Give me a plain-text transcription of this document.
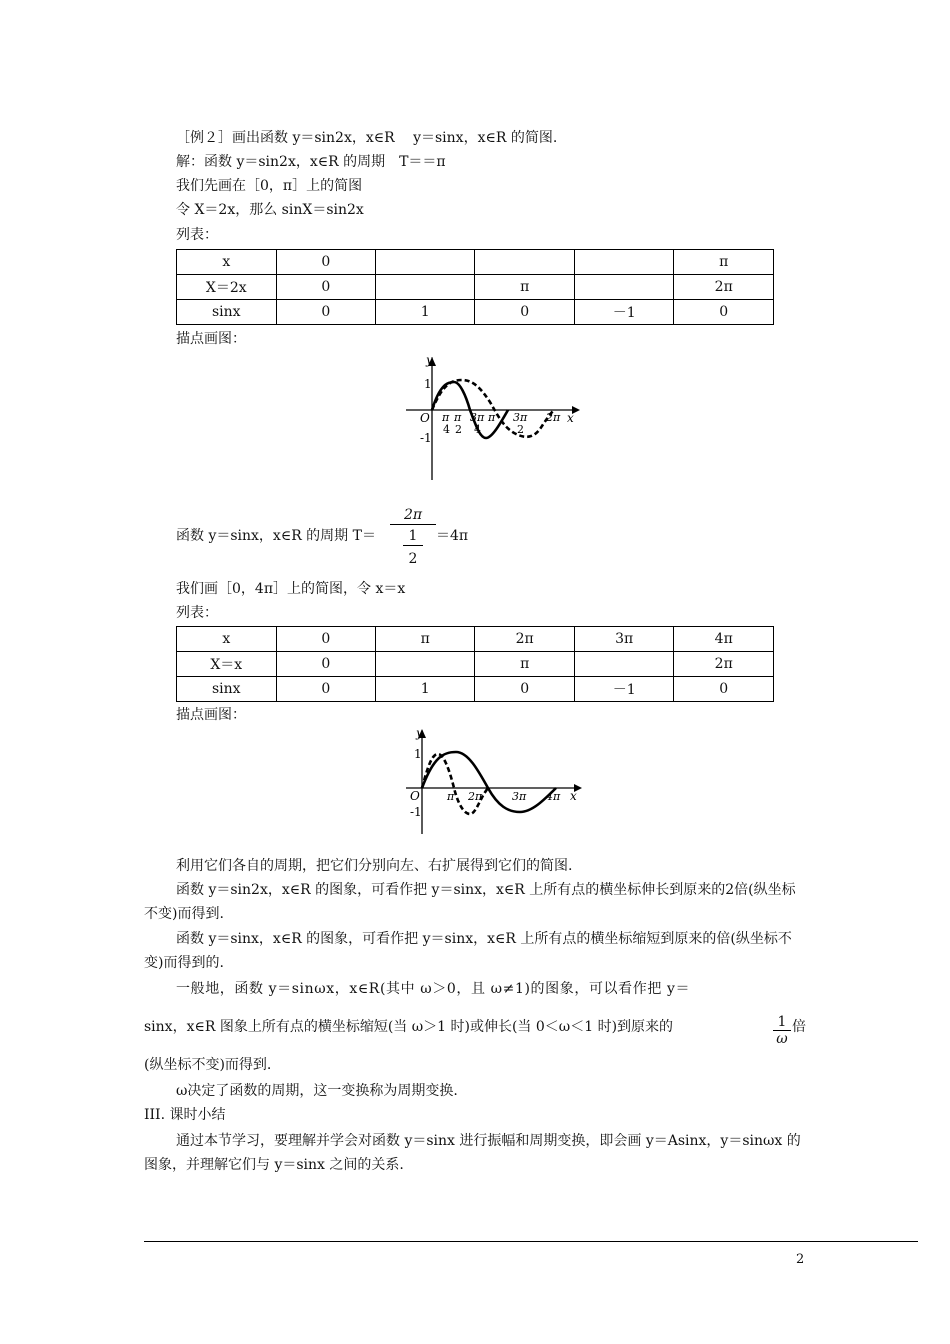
［例２］画出函数 y＝sin2x，x∈R　 y＝sinx，x∈R 的简图.
解：函数 y＝sin2x，x∈R 的周期　T＝＝π
我们先画在［0，π］上的简图
令 X＝2x，那么 sinX＝sin2x
列表：
x	0				π
X＝2x	0		π		2π
sinx	0	1	0	－1	0
描点画图：
y
x
O
1
-1
π
4
π
2
3π
4
π 3π
2
2π
函数 y＝sinx，x∈R 的周期 T＝
2π
1
2
＝4π
我们画［0，4π］上的简图，令 x＝x
列表：
x	0	π	2π	3π	4π
X＝x	0		π		2π
sinx	0	1	0	－1	0
描点画图：
y
x
O
1
-1
π 2π	3π 4π
利用它们各自的周期，把它们分别向左、右扩展得到它们的简图.
函数 y＝sin2x，x∈R 的图象，可看作把 y＝sinx，x∈R 上所有点的横坐标伸长到原来的2倍(纵坐标不变)而得到.
函数 y＝sinx，x∈R 的图象，可看作把 y＝sinx，x∈R 上所有点的横坐标缩短到原来的倍(纵坐标不变)而得到的.
一般地，函数 y＝sinωx，x∈R(其中 ω＞0，且 ω≠1)的图象，可以看作把 y＝
sinx，x∈R 图象上所有点的横坐标缩短(当 ω＞1 时)或伸长(当 0＜ω＜1 时)到原来的	$\frac{1}{\omega}$ 倍
(纵坐标不变)而得到.
ω决定了函数的周期，这一变换称为周期变换.
III. 课时小结
通过本节学习，要理解并学会对函数 y＝sinx 进行振幅和周期变换，即会画 y＝Asinx，y＝sinωx 的图象，并理解它们与 y＝sinx 之间的关系.
2
